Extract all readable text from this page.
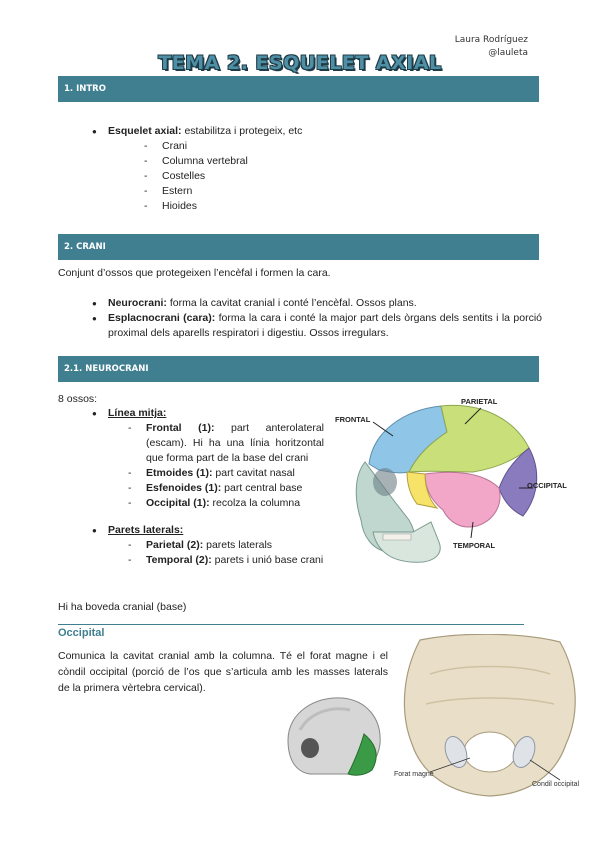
Laura Rodríguez
@lauleta
TEMA 2. ESQUELET AXIAL
1. INTRO
● Esquelet axial: estabilitza i protegeix, etc
- Crani
- Columna vertebral
- Costelles
- Estern
- Hioides
2. CRANI
Conjunt d’ossos que protegeixen l’encèfal i formen la cara.
● Neurocrani: forma la cavitat cranial i conté l’encèfal. Ossos plans.
● Esplacnocrani (cara): forma la cara i conté la major part dels òrgans dels sentits i la porció proximal dels aparells respiratori i digestiu. Ossos irregulars.
2.1. NEUROCRANI
8 ossos:
● Línea mitja:
- Frontal (1): part anterolateral (escam). Hi ha una línia horitzontal que forma part de la base del crani
- Etmoides (1): part cavitat nasal
- Esfenoides (1): part central base
- Occipital (1): recolza la columna
● Parets laterals:
- Parietal (2): parets laterals
- Temporal (2): parets i unió base crani
Hi ha boveda cranial (base)
FRONTAL
PARIETAL
OCCIPITAL
TEMPORAL
Occipital
Comunica la cavitat cranial amb la columna. Té el forat magne i el còndil occipital (porció de l’os que s’articula amb les masses laterals de la primera vèrtebra cervical).
Forat magne
Condil occipital
